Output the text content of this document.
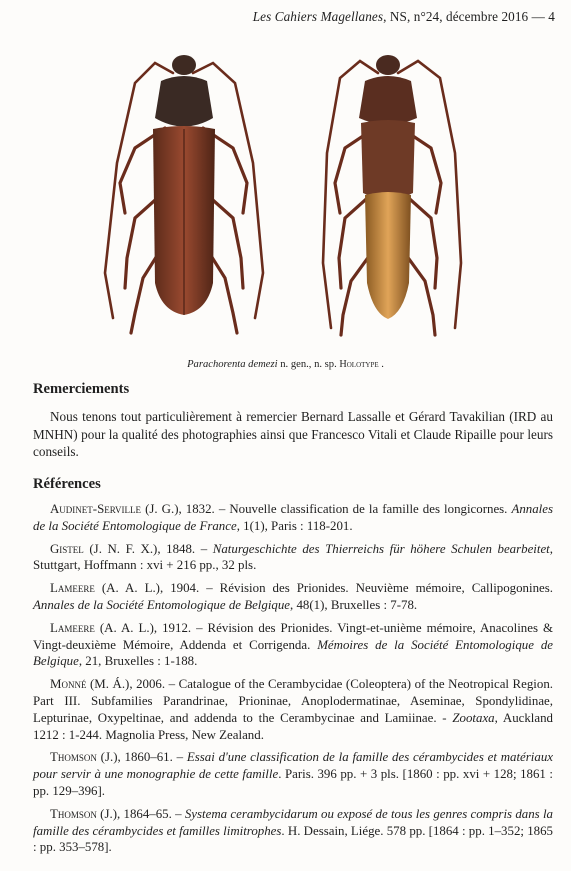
Les Cahiers Magellanes, NS, n°24, décembre 2016 — 4
Parachorenta demezi n. gen., n. sp. Holotype .
Remerciements
Nous tenons tout particulièrement à remercier Bernard Lassalle et Gérard Tavakilian (IRD au MNHN) pour la qualité des photographies ainsi que Francesco Vitali et Claude Ripaille pour leurs conseils.
Références

Audinet-Serville (J. G.), 1832. – Nouvelle classification de la famille des longicornes. Annales de la Société Entomologique de France, 1(1), Paris : 118-201.

Gistel (J. N. F. X.), 1848. – Naturgeschichte des Thierreichs für höhere Schulen bearbeitet, Stuttgart, Hoffmann : xvi + 216 pp., 32 pls.

Lameere (A. A. L.), 1904. – Révision des Prionides. Neuvième mémoire, Callipogonines. Annales de la Société Entomologique de Belgique, 48(1), Bruxelles : 7-78.

Lameere (A. A. L.), 1912. – Révision des Prionides. Vingt-et-unième mémoire, Anacolines & Vingt-deuxième Mémoire, Addenda et Corrigenda. Mémoires de la Société Entomologique de Belgique, 21, Bruxelles : 1-188.

Monné (M. Á.), 2006. – Catalogue of the Cerambycidae (Coleoptera) of the Neotropical Region. Part III. Subfamilies Parandrinae, Prioninae, Anoplodermatinae, Aseminae, Spondylidinae, Lepturinae, Oxypeltinae, and addenda to the Cerambycinae and Lamiinae. - Zootaxa, Auckland 1212 : 1-244. Magnolia Press, New Zealand.

Thomson (J.), 1860–61. – Essai d'une classification de la famille des cérambycides et matériaux pour servir à une monographie de cette famille. Paris. 396 pp. + 3 pls. [1860 : pp. xvi + 128; 1861 : pp. 129–396].

Thomson (J.), 1864–65. – Systema cerambycidarum ou exposé de tous les genres compris dans la famille des cérambycides et familles limitrophes. H. Dessain, Liége. 578 pp. [1864 : pp. 1–352; 1865 : pp. 353–578].
